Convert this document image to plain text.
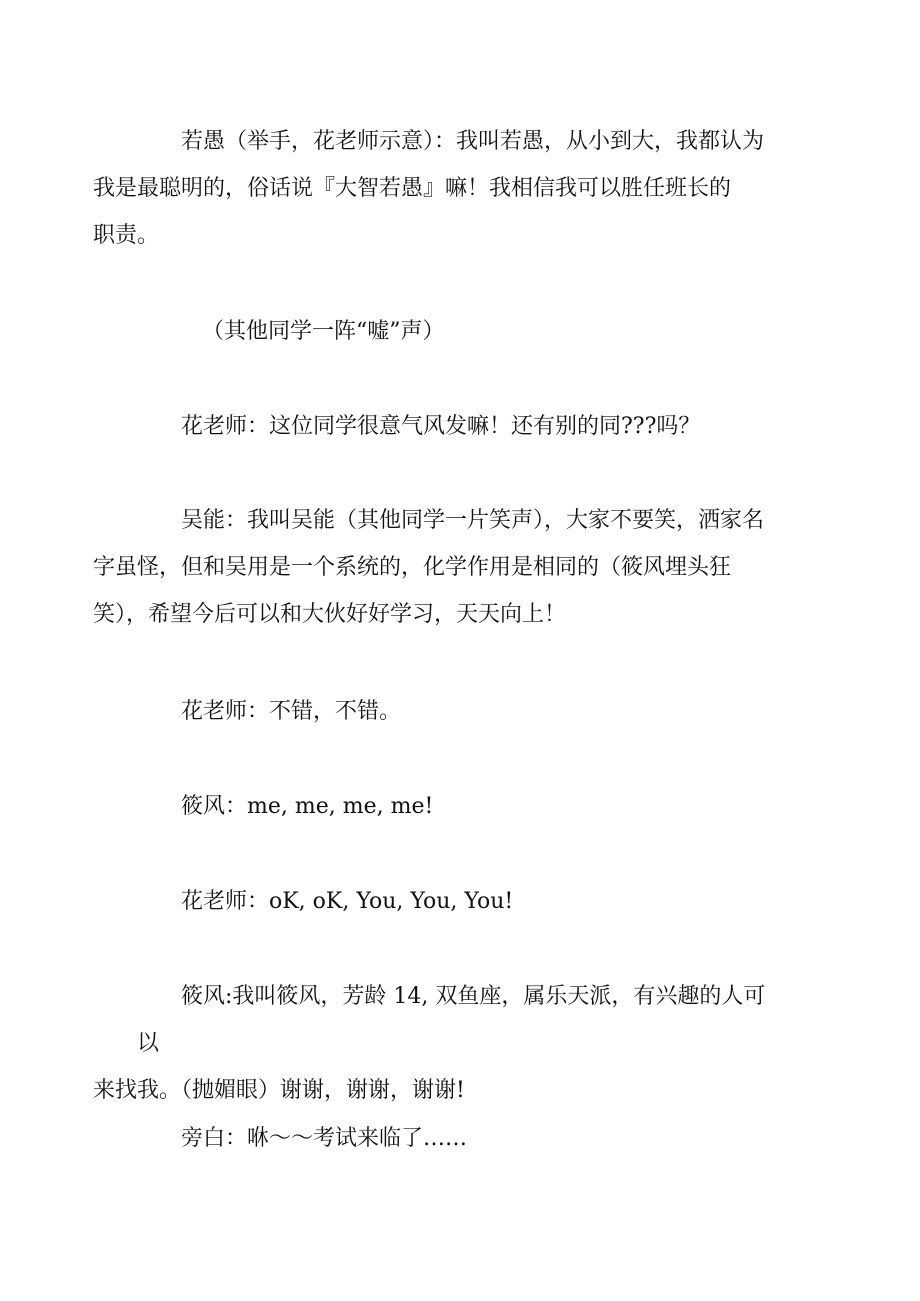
若愚（举手，花老师示意）：我叫若愚，从小到大，我都认为
我是最聪明的，俗话说『大智若愚』嘛！我相信我可以胜任班长的
职责。

（其他同学一阵“嘘”声）

花老师：这位同学很意气风发嘛！还有别的同???吗？

吴能：我叫吴能（其他同学一片笑声），大家不要笑，洒家名
字虽怪，但和吴用是一个系统的，化学作用是相同的（筱风埋头狂
笑），希望今后可以和大伙好好学习，天天向上！

花老师：不错，不错。

筱风：me, me, me, me!

花老师：oK, oK, You, You, You!

筱风:我叫筱风，芳龄 14, 双鱼座，属乐天派，有兴趣的人可以
来找我。（抛媚眼）谢谢，谢谢，谢谢!

旁白：咻～～考试来临了……
